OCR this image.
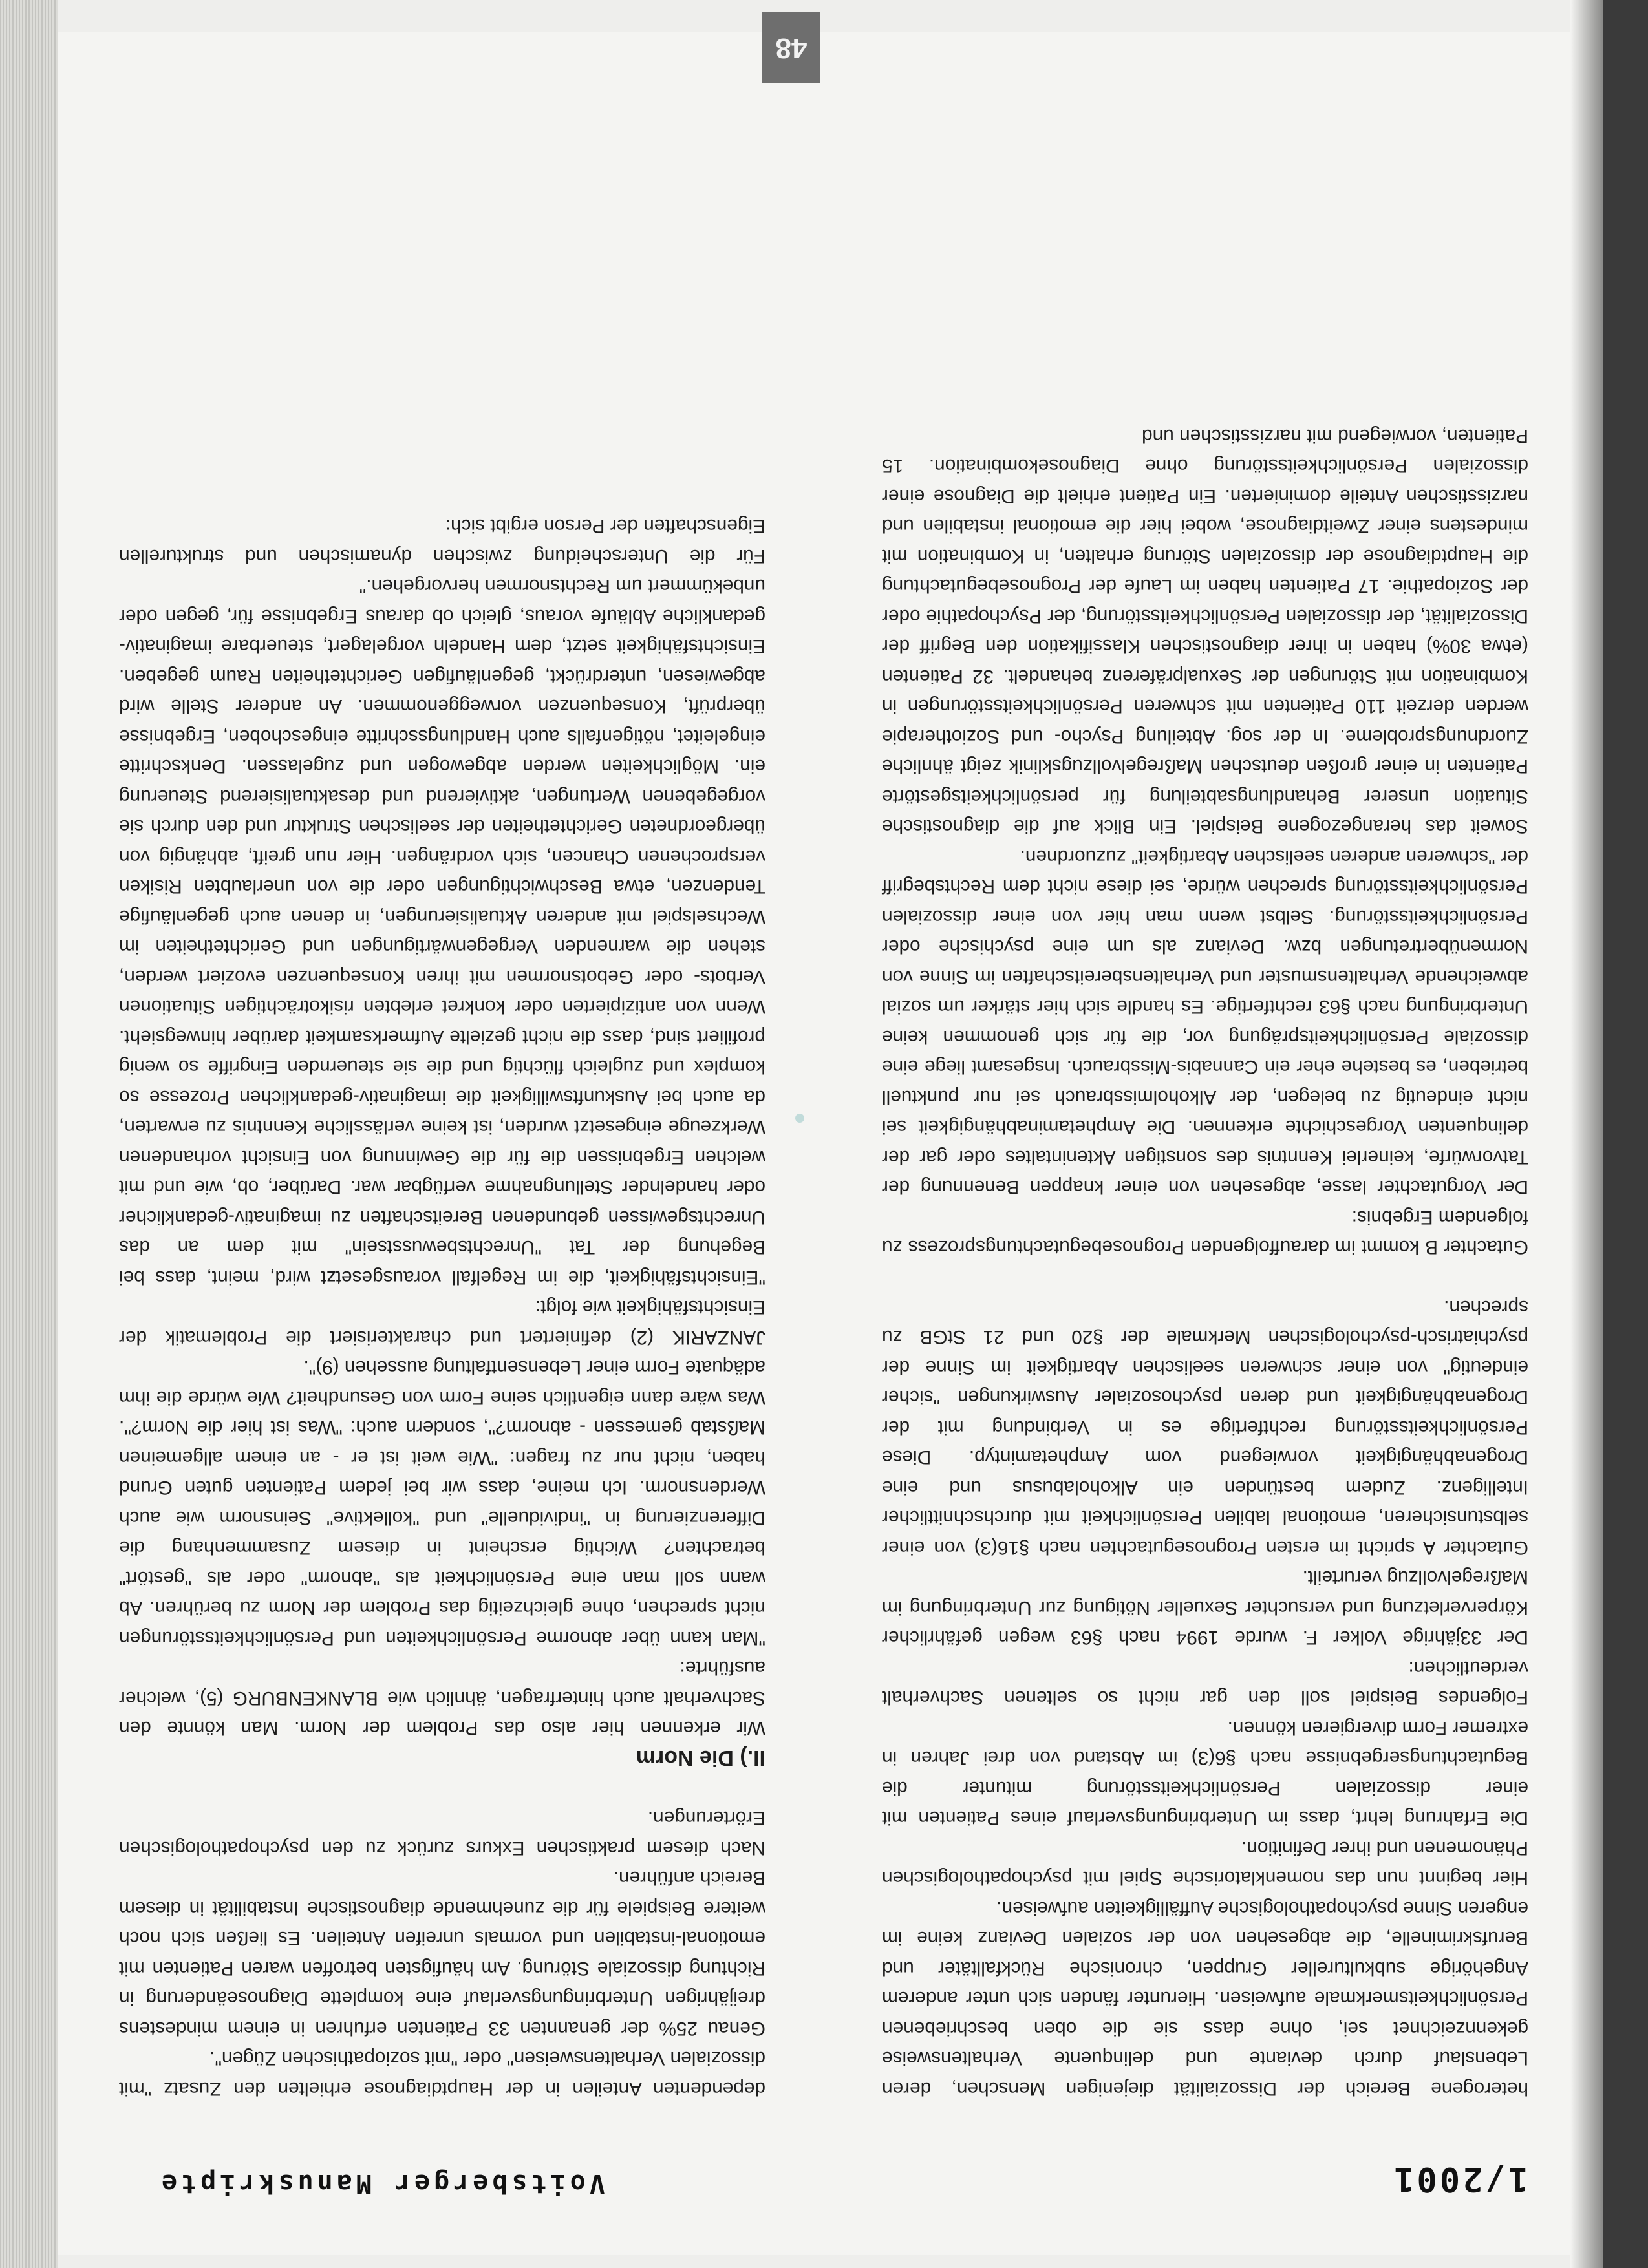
1/2001
Voitsberger Manuskripte

heterogene Bereich der Dissozialität diejenigen Menschen, deren Lebenslauf durch deviante und delinquente Verhaltensweise gekennzeichnet sei, ohne dass sie die oben beschriebenen Persönlichkeitsmerkmale aufweisen. Hierunter fänden sich unter anderem Angehörige subkultureller Gruppen, chronische Rückfalltäter und Berufskriminelle, die abgesehen von der sozialen Devianz keine im engeren Sinne psychopathologische Auffälligkeiten aufweisen.

Hier beginnt nun das nomenklatorische Spiel mit psychopathologischen Phänomenen und ihrer Definition.

Die Erfahrung lehrt, dass im Unterbringungsverlauf eines Patienten mit einer dissozialen Persönlichkeitsstörung mitunter die Begutachtungsergebnisse nach §6(3) im Abstand von drei Jahren in extremer Form divergieren können.

Folgendes Beispiel soll den gar nicht so seltenen Sachverhalt verdeutlichen:

Der 33jährige Volker F. wurde 1994 nach §63 wegen gefährlicher Körperverletzung und versuchter Sexueller Nötigung zur Unterbringung im Maßregelvollzug verurteilt.

Gutachter A spricht im ersten Prognosegutachten nach §16(3) von einer selbstunsicheren, emotional labilen Persönlichkeit mit durchschnittlicher Intelligenz. Zudem bestünden ein Alkoholabusus und eine Drogenabhängigkeit vorwiegend vom Amphetamintyp. Diese Persönlichkeitsstörung rechtfertige es in Verbindung mit der Drogenabhängigkeit und deren psychosozialer Auswirkungen "sicher eindeutig" von einer schweren seelischen Abartigkeit im Sinne der psychiatrisch-psychologischen Merkmale der §20 und 21 StGB zu sprechen.

Gutachter B kommt im darauffolgenden Prognosebegutachtungsprozess zu folgendem Ergebnis:

Der Vorgutachter lasse, abgesehen von einer knappen Benennung der Tatvorwürfe, keinerlei Kenntnis des sonstigen Aktenintaltes oder gar der delinquenten Vorgeschichte erkennen. Die Amphetaminabhängigkeit sei nicht eindeutig zu belegen, der Alkoholmissbrauch sei nur punktuell betrieben, es bestehe eher ein Cannabis-Missbrauch. Insgesamt liege eine dissoziale Persönlichkeitsprägung vor, die für sich genommen keine Unterbringung nach §63 rechtfertige. Es handle sich hier stärker um sozial abweichende Verhaltensmuster und Verhaltensbereitschaften im Sinne von Normenübertretungen bzw. Devianz als um eine psychische oder Persönlichkeitsstörung. Selbst wenn man hier von einer dissozialen Persönlichkeitsstörung sprechen würde, sei diese nicht dem Rechtsbegriff der "schweren anderen seelischen Abartigkeit" zuzuordnen.

Soweit das herangezogene Beispiel. Ein Blick auf die diagnostische Situation unserer Behandlungsabteilung für persönlichkeitsgestörte Patienten in einer großen deutschen Maßregelvollzugsklinik zeigt ähnliche Zuordnungsprobleme. In der sog. Abteilung Psycho- und Soziotherapie werden derzeit 110 Patienten mit schweren Persönlichkeitsstörungen in Kombination mit Störungen der Sexualpräferenz behandelt. 32 Patienten (etwa 30%) haben in ihrer diagnostischen Klassifikation den Begriff der Dissozialität, der dissozialen Persönlichkeitsstörung, der Psychopathie oder der Soziopathie. 17 Patienten haben im Laufe der Prognosebegutachtung die Hauptdiagnose der dissozialen Störung erhalten, in Kombination mit mindestens einer Zweitdiagnose, wobei hier die emotional instabilen und narzisstischen Anteile dominierten. Ein Patient erhielt die Diagnose einer dissozialen Persönlichkeitsstörung ohne Diagnosekombination. 15 Patienten, vorwiegend mit narzisstischen und

dependenten Anteilen in der Hauptdiagnose erhielten den Zusatz "mit dissozialen Verhaltensweisen" oder "mit soziopathischen Zügen".

Genau 25% der genannten 33 Patienten erfuhren in einem mindestens dreijährigen Unterbringungsverlauf eine komplette Diagnoseänderung in Richtung dissoziale Störung. Am häufigsten betroffen waren Patienten mit emotional-instabilen und vormals unreifen Anteilen. Es ließen sich noch weitere Beispiele für die zunehmende diagnostische Instabilität in diesem Bereich anführen.

Nach diesem praktischen Exkurs zurück zu den psychopathologischen Erörterungen.

II.) Die Norm

Wir erkennen hier also das Problem der Norm. Man könnte den Sachverhalt auch hinterfragen, ähnlich wie BLANKENBURG (5), welcher ausführte:

"Man kann über abnorme Persönlichkeiten und Persönlichkeitsstörungen nicht sprechen, ohne gleichzeitig das Problem der Norm zu berühren. Ab wann soll man eine Persönlichkeit als "abnorm" oder als "gestört" betrachten? Wichtig erscheint in diesem Zusammenhang die Differenzierung in "individuelle" und "kollektive" Seinsnorm wie auch Werdensnorm. Ich meine, dass wir bei jedem Patienten guten Grund haben, nicht nur zu fragen: "Wie weit ist er - an einem allgemeinen Maßstab gemessen - abnorm?", sondern auch: "Was ist hier die Norm?". Was wäre dann eigentlich seine Form von Gesundheit? Wie würde die ihm adäquate Form einer Lebensentfaltung aussehen (9)".

JANZARIK (2) definiertert und charakterisiert die Problematik der Einsichtsfähigkeit wie folgt:

"Einsichtsfähigkeit, die im Regelfall vorausgesetzt wird, meint, dass bei Begehung der Tat "Unrechtsbewusstsein" mit dem an das Unrechtsgewissen gebundenen Bereitschaften zu imaginativ-gedanklicher oder handelnder Stellungnahme verfügbar war. Darüber, ob, wie und mit welchen Ergebnissen die für die Gewinnung von Einsicht vorhandenen Werkzeuge eingesetzt wurden, ist keine verlässliche Kenntnis zu erwarten, da auch bei Auskunftswilligkeit die imaginativ-gedanklichen Prozesse so komplex und zugleich flüchtig und die sie steuernden Eingriffe so wenig profiliert sind, dass die nicht gezielte Aufmerksamkeit darüber hinwegsieht. Wenn von antizipierten oder konkret erlebten risikoträchtigen Situationen Verbots- oder Gebotsnormen mit ihren Konsequenzen evoziert werden, stehen die warnenden Vergegenwärtigungen und Gerichtetheiten im Wechselspiel mit anderen Aktualisierungen, in denen auch gegenläufige Tendenzen, etwa Beschwichtigungen oder die von unerlaubten Risiken versprochenen Chancen, sich vordrängen. Hier nun greift, abhängig von übergeordneten Gerichtetheiten der seelischen Struktur und den durch sie vorgegebenen Wertungen, aktivierend und desaktualisierend Steuerung ein. Möglichkeiten werden abgewogen und zugelassen. Denkschritte eingeleitet, nötigenfalls auch Handlungsschritte eingeschoben, Ergebnisse überprüft, Konsequenzen vorweggenommen. An anderer Stelle wird abgewiesen, unterdrückt, gegenläufigen Gerichtetheiten Raum gegeben. Einsichtsfähigkeit setzt, dem Handeln vorgelagert, steuerbare imaginativ-gedankliche Abläufe voraus, gleich ob daraus Ergebnisse für, gegen oder unbekümmert um Rechtsnormen hervorgehen."

Für die Unterscheidung zwischen dynamischen und strukturellen Eigenschaften der Person ergibt sich:

48
